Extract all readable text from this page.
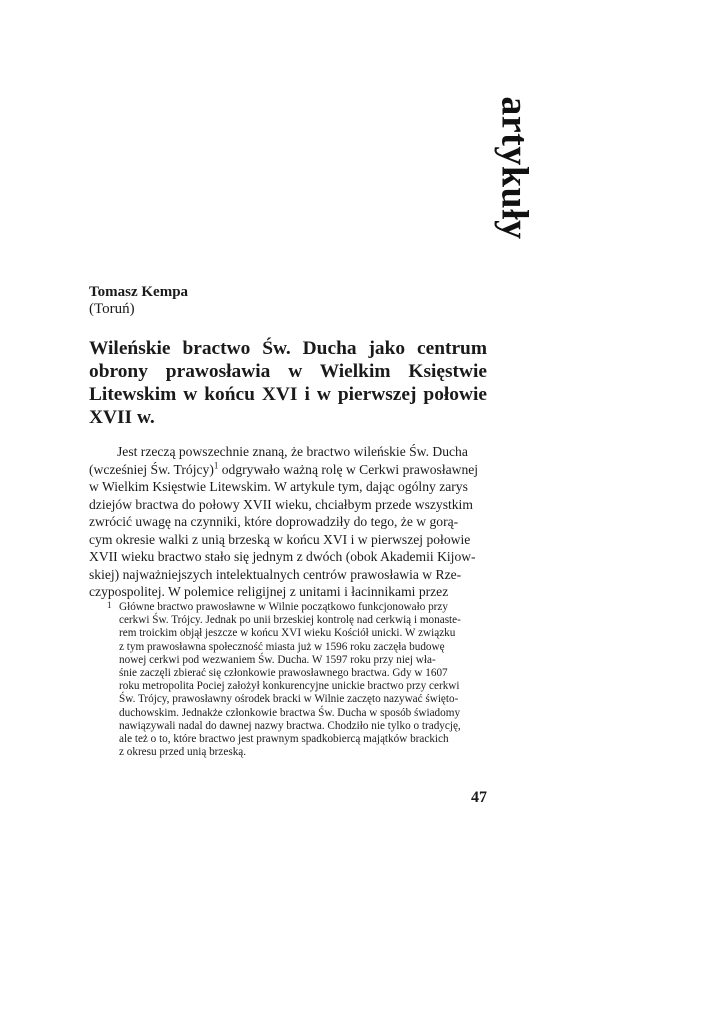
artykuły
Tomasz Kempa
(Toruń)
Wileńskie bractwo Św. Ducha jako centrum obrony prawosławia w Wielkim Księstwie Litewskim w końcu XVI i w pierwszej połowie XVII w.
Jest rzeczą powszechnie znaną, że bractwo wileńskie Św. Ducha
(wcześniej Św. Trójcy)$^1$ odgrywało ważną rolę w Cerkwi prawosławnej
w Wielkim Księstwie Litewskim. W artykule tym, dając ogólny zarys
dziejów bractwa do połowy XVII wieku, chciałbym przede wszystkim
zwrócić uwagę na czynniki, które doprowadziły do tego, że w gorą-
cym okresie walki z unią brzeską w końcu XVI i w pierwszej połowie
XVII wieku bractwo stało się jednym z dwóch (obok Akademii Kijow-
skiej) najważniejszych intelektualnych centrów prawosławia w Rze-
czypospolitej. W polemice religijnej z unitami i łacinnikami przez
1 Główne bractwo prawosławne w Wilnie początkowo funkcjonowało przy
cerkwi Św. Trójcy. Jednak po unii brzeskiej kontrolę nad cerkwią i monaste-
rem troickim objął jeszcze w końcu XVI wieku Kościół unicki. W związku
z tym prawosławna społeczność miasta już w 1596 roku zaczęła budowę
nowej cerkwi pod wezwaniem Św. Ducha. W 1597 roku przy niej wła-
śnie zaczęli zbierać się członkowie prawosławnego bractwa. Gdy w 1607
roku metropolita Pociej założył konkurencyjne unickie bractwo przy cerkwi
Św. Trójcy, prawosławny ośrodek bracki w Wilnie zaczęto nazywać święto-
duchowskim. Jednakże członkowie bractwa Św. Ducha w sposób świadomy
nawiązywali nadal do dawnej nazwy bractwa. Chodziło nie tylko o tradycję,
ale też o to, które bractwo jest prawnym spadkobiercą majątków brackich
z okresu przed unią brzeską.
47
